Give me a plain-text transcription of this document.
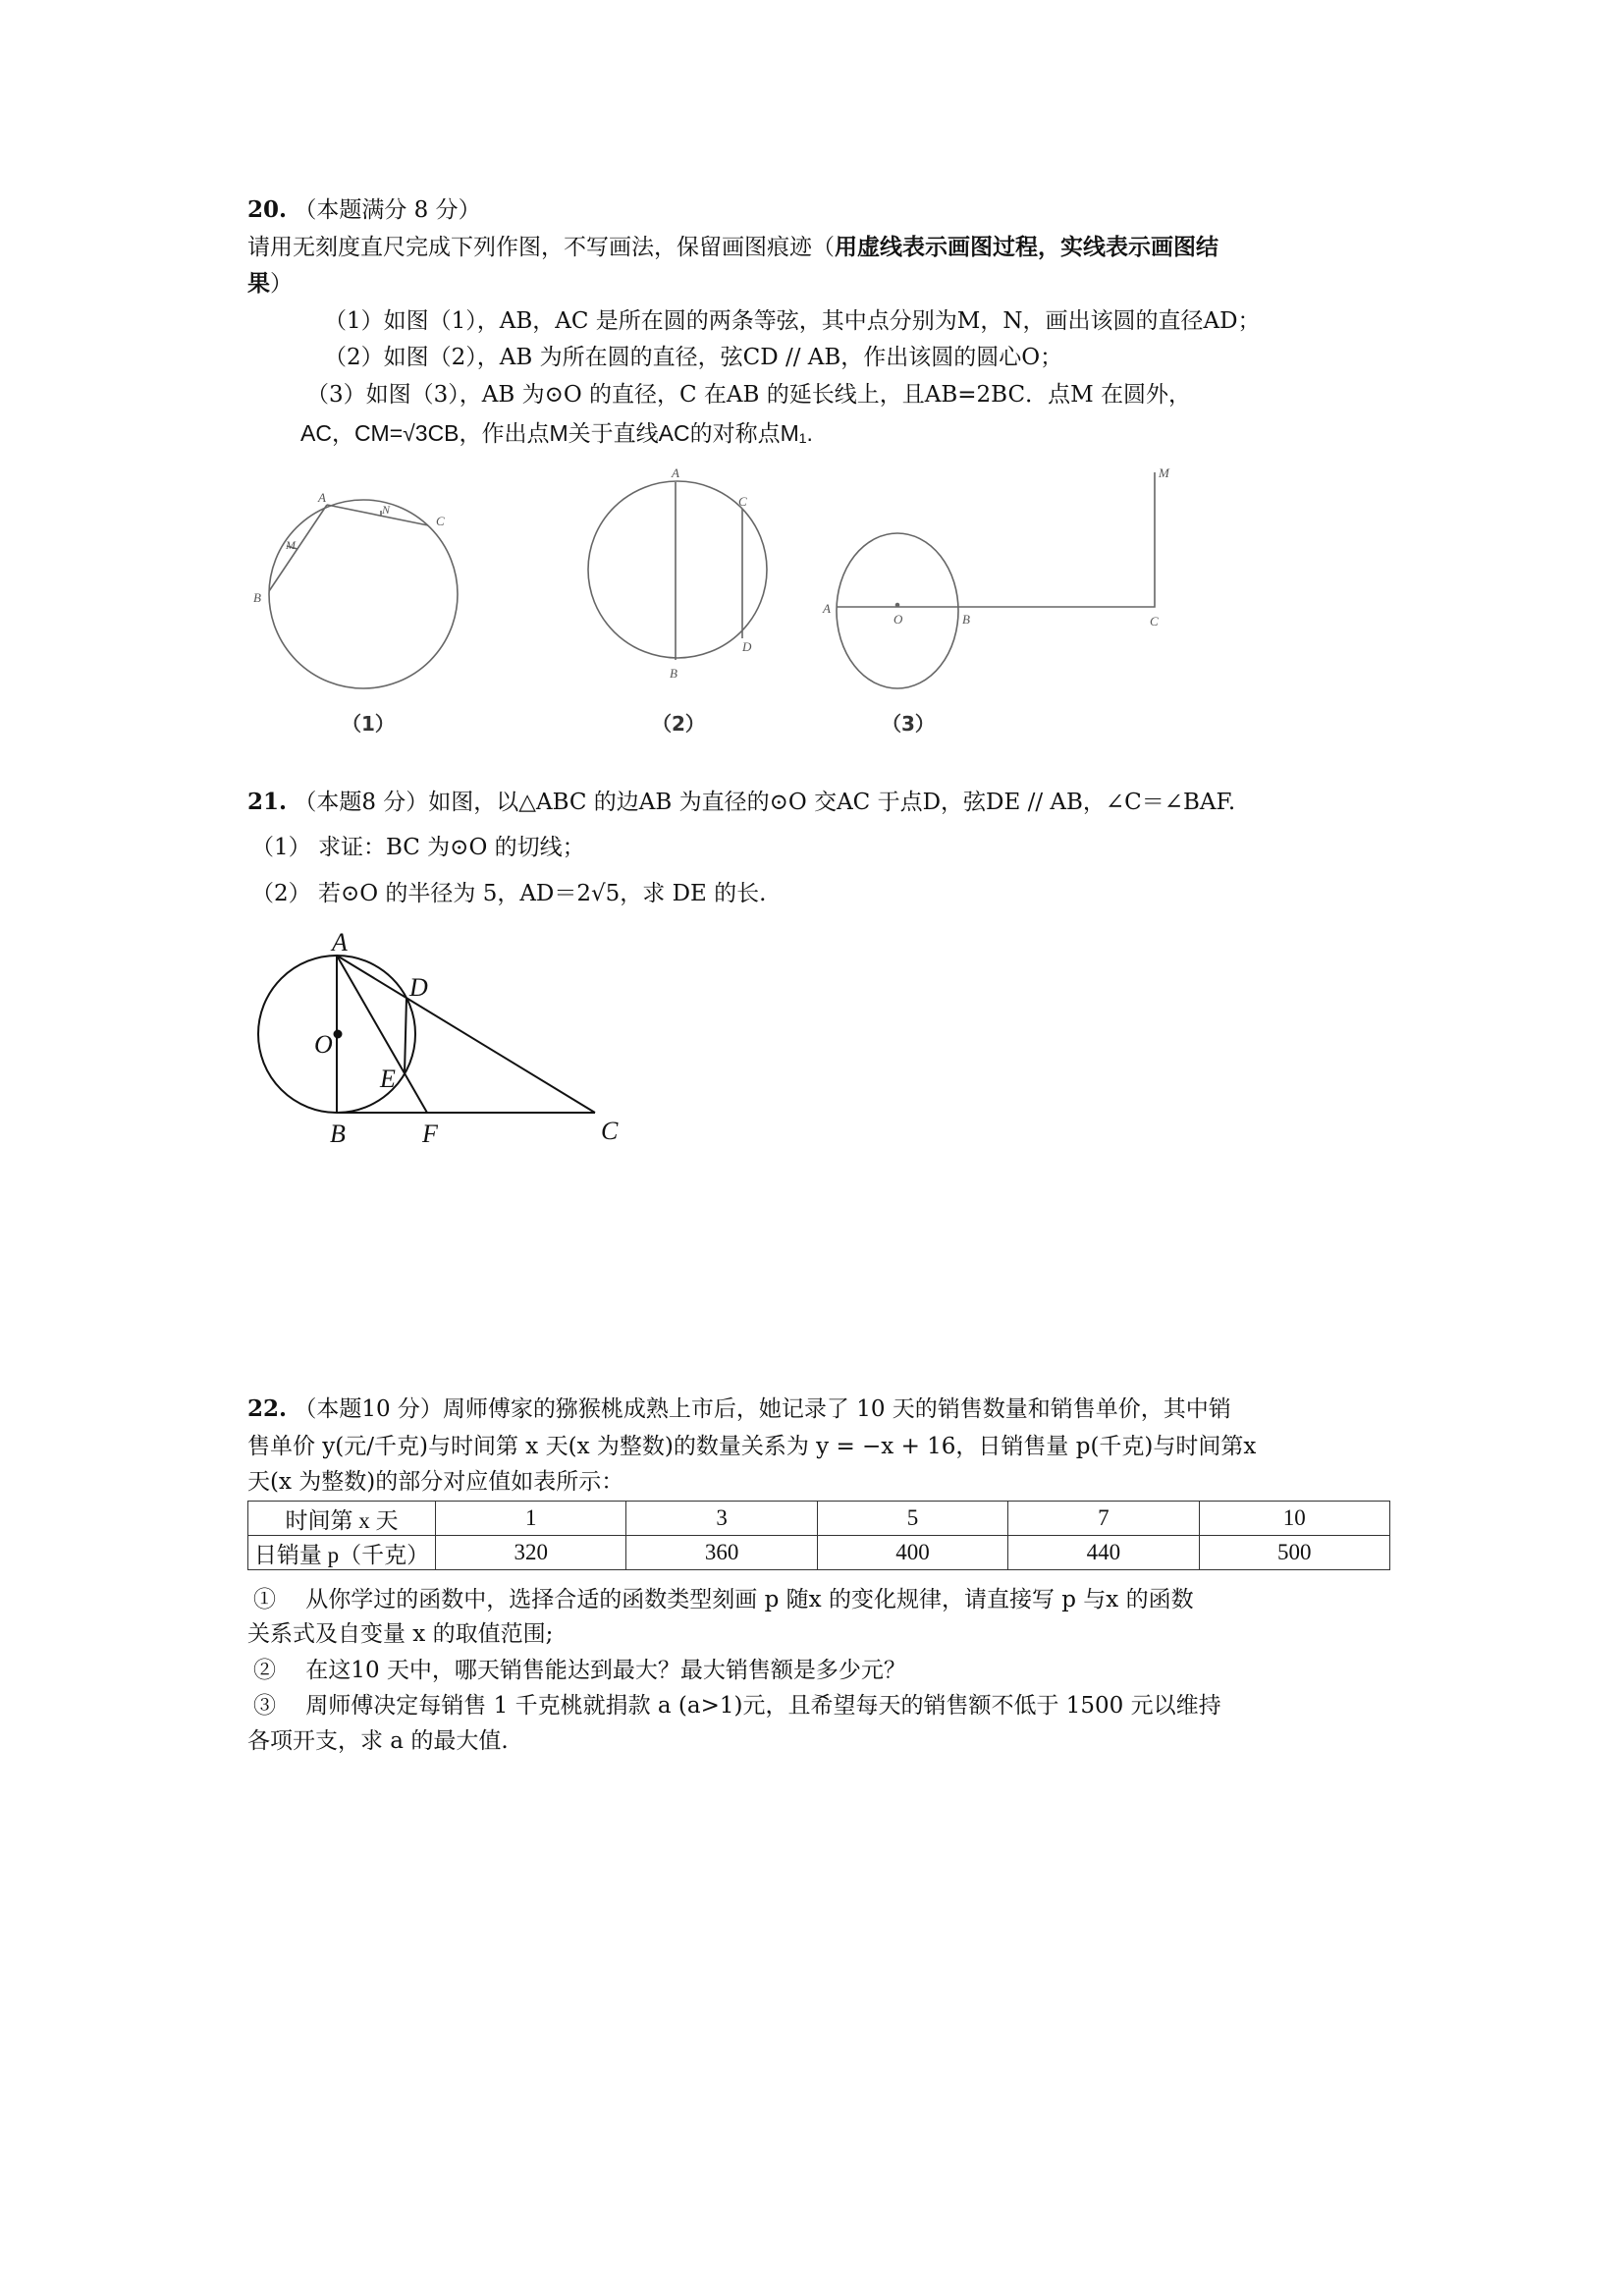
20. （本题满分 8 分）
请用无刻度直尺完成下列作图，不写画法，保留画图痕迹（用虚线表示画图过程，实线表示画图结
果）
（1）如图（1），AB，AC 是所在圆的两条等弦，其中点分别为M，N，画出该圆的直径AD；
（2）如图（2），AB 为所在圆的直径，弦CD // AB，作出该圆的圆心O；
（3）如图（3），AB 为⊙O 的直径，C 在AB 的延长线上，且AB=2BC．点M 在圆外，
AC，CM=√3CB，作出点M关于直线AC的对称点M₁.
A
B
C
M
N
（1）
A
B
C
D
（2）
A
O	B	C
M
（3）
A
D
O
E
B	F	C
21. （本题8 分）如图，以△ABC 的边AB 为直径的⊙O 交AC 于点D，弦DE // AB，∠C＝∠BAF.
（1） 求证：BC 为⊙O 的切线；
（2） 若⊙O 的半径为 5，AD＝2√5，求 DE 的长.
22. （本题10 分）周师傅家的猕猴桃成熟上市后，她记录了 10 天的销售数量和销售单价，其中销
售单价 y(元/千克)与时间第 x 天(x 为整数)的数量关系为 y = −x + 16，日销售量 p(千克)与时间第x
天(x 为整数)的部分对应值如表所示：
时间第 x 天	1	3	5	7	10
日销量 p（千克）	320	360	400	440	500
①　 从你学过的函数中，选择合适的函数类型刻画 p 随x 的变化规律，请直接写 p 与x 的函数
关系式及自变量 x 的取值范围;
②　 在这10 天中，哪天销售能达到最大？最大销售额是多少元？
③　 周师傅决定每销售 1 千克桃就捐款 a (a>1)元，且希望每天的销售额不低于 1500 元以维持
各项开支，求 a 的最大值.
